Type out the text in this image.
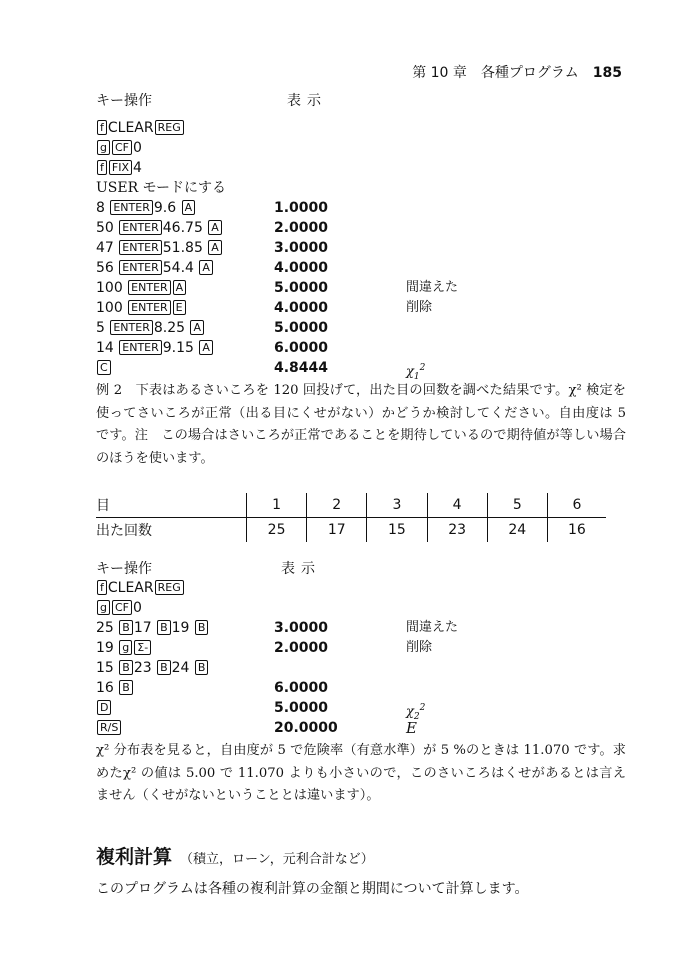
第 10 章　各種プログラム 185
キー操作	表示
f CLEAR REG
g CF 0
f FIX 4
USER モードにする
8 ENTER 9.6 A	1.0000
50 ENTER 46.75 A	2.0000
47 ENTER 51.85 A	3.0000
56 ENTER 54.4 A	4.0000
100 ENTER A	5.0000	間違えた
100 ENTER E	4.0000	削除
5 ENTER 8.25 A	5.0000
14 ENTER 9.15 A	6.0000
C	4.8444	$\chi_1^2$
例 2　下表はあるさいころを 120 回投げて，出た目の回数を調べた結果です。χ² 検定を使ってさいころが正常（出る目にくせがない）かどうか検討してください。自由度は 5 です。注　この場合はさいころが正常であることを期待しているので期待値が等しい場合のほうを使います。
目	1	2	3	4	5	6
出た回数	25	17	15	23	24	16
キー操作	表示
f CLEAR REG
g CF 0
25 B 17 B 19 B	3.0000	間違えた
19 g Σ-	2.0000	削除
15 B 23 B 24 B
16 B	6.0000
D	5.0000	$\chi_2^2$
R/S	20.0000	E
χ² 分布表を見ると，自由度が 5 で危険率（有意水準）が 5 %のときは 11.070 です。求めたχ² の値は 5.00 で 11.070 よりも小さいので，このさいころはくせがあるとは言えません（くせがないということとは違います）。
複利計算 （積立，ローン，元利合計など）
このプログラムは各種の複利計算の金額と期間について計算します。
